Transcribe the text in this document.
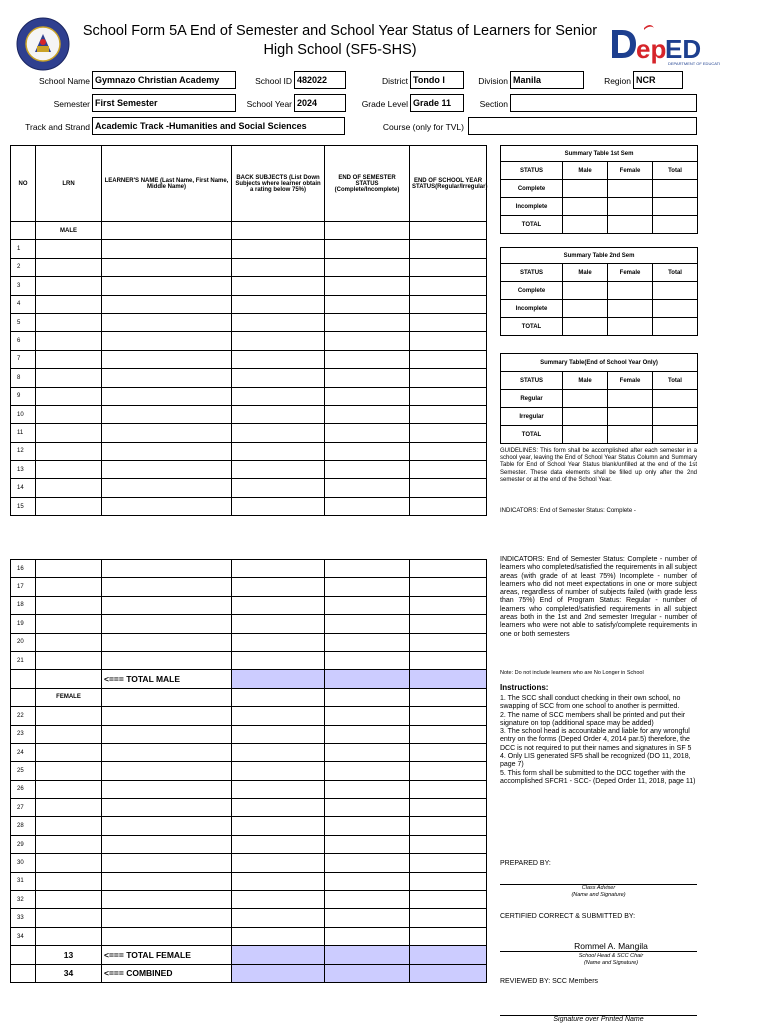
School Form 5A End of Semester and School Year Status of Learners for Senior High School (SF5-SHS)	ep
ED
DEPARTMENT OF EDUCAT
School Name Gymnazo Christian Academy	School ID 482022	District Tondo I	Division Manila	Region NCR
Semester First Semester	School Year 2024	Grade Level Grade 11	Section
Track and Strand Academic Track -Humanities and Social Sciences	Course (only for TVL)
NO	LRN	LEARNER'S NAME (Last Name, First Name, Middle Name)	BACK SUBJECTS (List Down Subjects where learner obtain a rating below 75%)	END OF SEMESTER STATUS (Complete/Incomplete)	END OF SCHOOL YEAR STATUS(Regular/Irregular)
	MALE				
1					
2					
3					
4					
5					
6					
7					
8					
9					
10					
11					
12					
13					
14					
15					
16					
17					
18					
19					
20					
21					
		<=== TOTAL MALE			
	FEMALE				
22					
23					
24					
25					
26					
27					
28					
29					
30					
31					
32					
33					
34					
	13	<=== TOTAL FEMALE			
	34	<=== COMBINED			
Summary Table 1st Sem			
STATUS	Male	Female	Total
Complete			
Incomplete			
TOTAL			
Summary Table 2nd Sem			
STATUS	Male	Female	Total
Complete			
Incomplete			
TOTAL			
Summary Table(End of School Year Only)			
STATUS	Male	Female	Total
Regular			
Irregular			
TOTAL			
GUIDELINES: This form shall be accomplished after each semester in a school year, leaving the End of School Year Status Column and Summary Table for End of School Year Status blank/unfilled at the end of the 1st Semester. These data elements shall be filled up only after the 2nd semester or at the end of the School Year.
INDICATORS: End of Semester Status: Complete -
INDICATORS: End of Semester Status: Complete - number of learners who completed/satisfied the requirements in all subject areas (with grade of at least 75%) Incomplete - number of learners who did not meet expectations in one or more subject areas, regardless of number of subjects failed (with grade less than 75%) End of Program Status: Regular - number of learners who completed/satisfied requirements in all subject areas both in the 1st and 2nd semester Irregular - number of learners who were not able to satisfy/complete requirements in one or both semesters
Note: Do not include learners who are No Longer in School
Instructions:
1. The SCC shall conduct checking in their own school, no swapping of SCC from one school to another is permitted.
2. The name of SCC members shall be printed and put their signature on top (additional space may be added)
3. The school head is accountable and liable for any wrongful entry on the forms (Deped Order 4, 2014 par.5) therefore, the DCC is not required to put their names and signatures in SF 5
4. Only LIS generated SF5 shall be recognized (DO 11, 2018, page 7)
5. This form shall be submitted to the DCC together with the accomplished SFCR1 - SCC- (Deped Order 11, 2018, page 11)
PREPARED BY:
Class Adviser
(Name and Signature)
CERTIFIED CORRECT & SUBMITTED BY:
Rommel A. Mangila
School Head & SCC Chair
(Name and Signature)
REVIEWED BY: SCC Members
Signature over Printed Name
